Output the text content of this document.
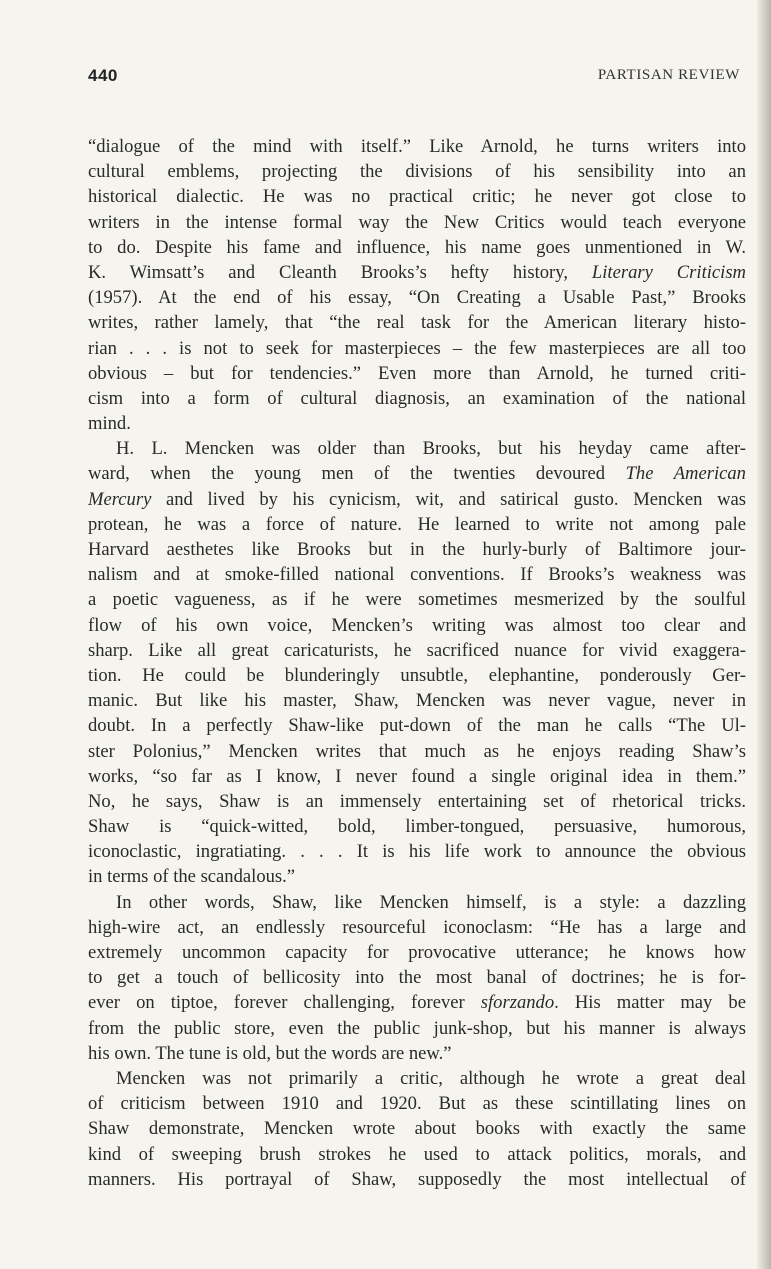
440	PARTISAN REVIEW
“dialogue of the mind with itself.” Like Arnold, he turns writers into
cultural emblems, projecting the divisions of his sensibility into an
historical dialectic. He was no practical critic; he never got close to
writers in the intense formal way the New Critics would teach everyone
to do. Despite his fame and influence, his name goes unmentioned in W.
K. Wimsatt’s and Cleanth Brooks’s hefty history, Literary Criticism
(1957). At the end of his essay, “On Creating a Usable Past,” Brooks
writes, rather lamely, that “the real task for the American literary histo-
rian . . . is not to seek for masterpieces – the few masterpieces are all too
obvious – but for tendencies.” Even more than Arnold, he turned criti-
cism into a form of cultural diagnosis, an examination of the national
mind.
H. L. Mencken was older than Brooks, but his heyday came after-
ward, when the young men of the twenties devoured The American
Mercury and lived by his cynicism, wit, and satirical gusto. Mencken was
protean, he was a force of nature. He learned to write not among pale
Harvard aesthetes like Brooks but in the hurly-burly of Baltimore jour-
nalism and at smoke-filled national conventions. If Brooks’s weakness was
a poetic vagueness, as if he were sometimes mesmerized by the soulful
flow of his own voice, Mencken’s writing was almost too clear and
sharp. Like all great caricaturists, he sacrificed nuance for vivid exaggera-
tion. He could be blunderingly unsubtle, elephantine, ponderously Ger-
manic. But like his master, Shaw, Mencken was never vague, never in
doubt. In a perfectly Shaw-like put-down of the man he calls “The Ul-
ster Polonius,” Mencken writes that much as he enjoys reading Shaw’s
works, “so far as I know, I never found a single original idea in them.”
No, he says, Shaw is an immensely entertaining set of rhetorical tricks.
Shaw is “quick-witted, bold, limber-tongued, persuasive, humorous,
iconoclastic, ingratiating. . . . It is his life work to announce the obvious
in terms of the scandalous.”
In other words, Shaw, like Mencken himself, is a style: a dazzling
high-wire act, an endlessly resourceful iconoclasm: “He has a large and
extremely uncommon capacity for provocative utterance; he knows how
to get a touch of bellicosity into the most banal of doctrines; he is for-
ever on tiptoe, forever challenging, forever sforzando. His matter may be
from the public store, even the public junk-shop, but his manner is always
his own. The tune is old, but the words are new.”
Mencken was not primarily a critic, although he wrote a great deal
of criticism between 1910 and 1920. But as these scintillating lines on
Shaw demonstrate, Mencken wrote about books with exactly the same
kind of sweeping brush strokes he used to attack politics, morals, and
manners. His portrayal of Shaw, supposedly the most intellectual of
